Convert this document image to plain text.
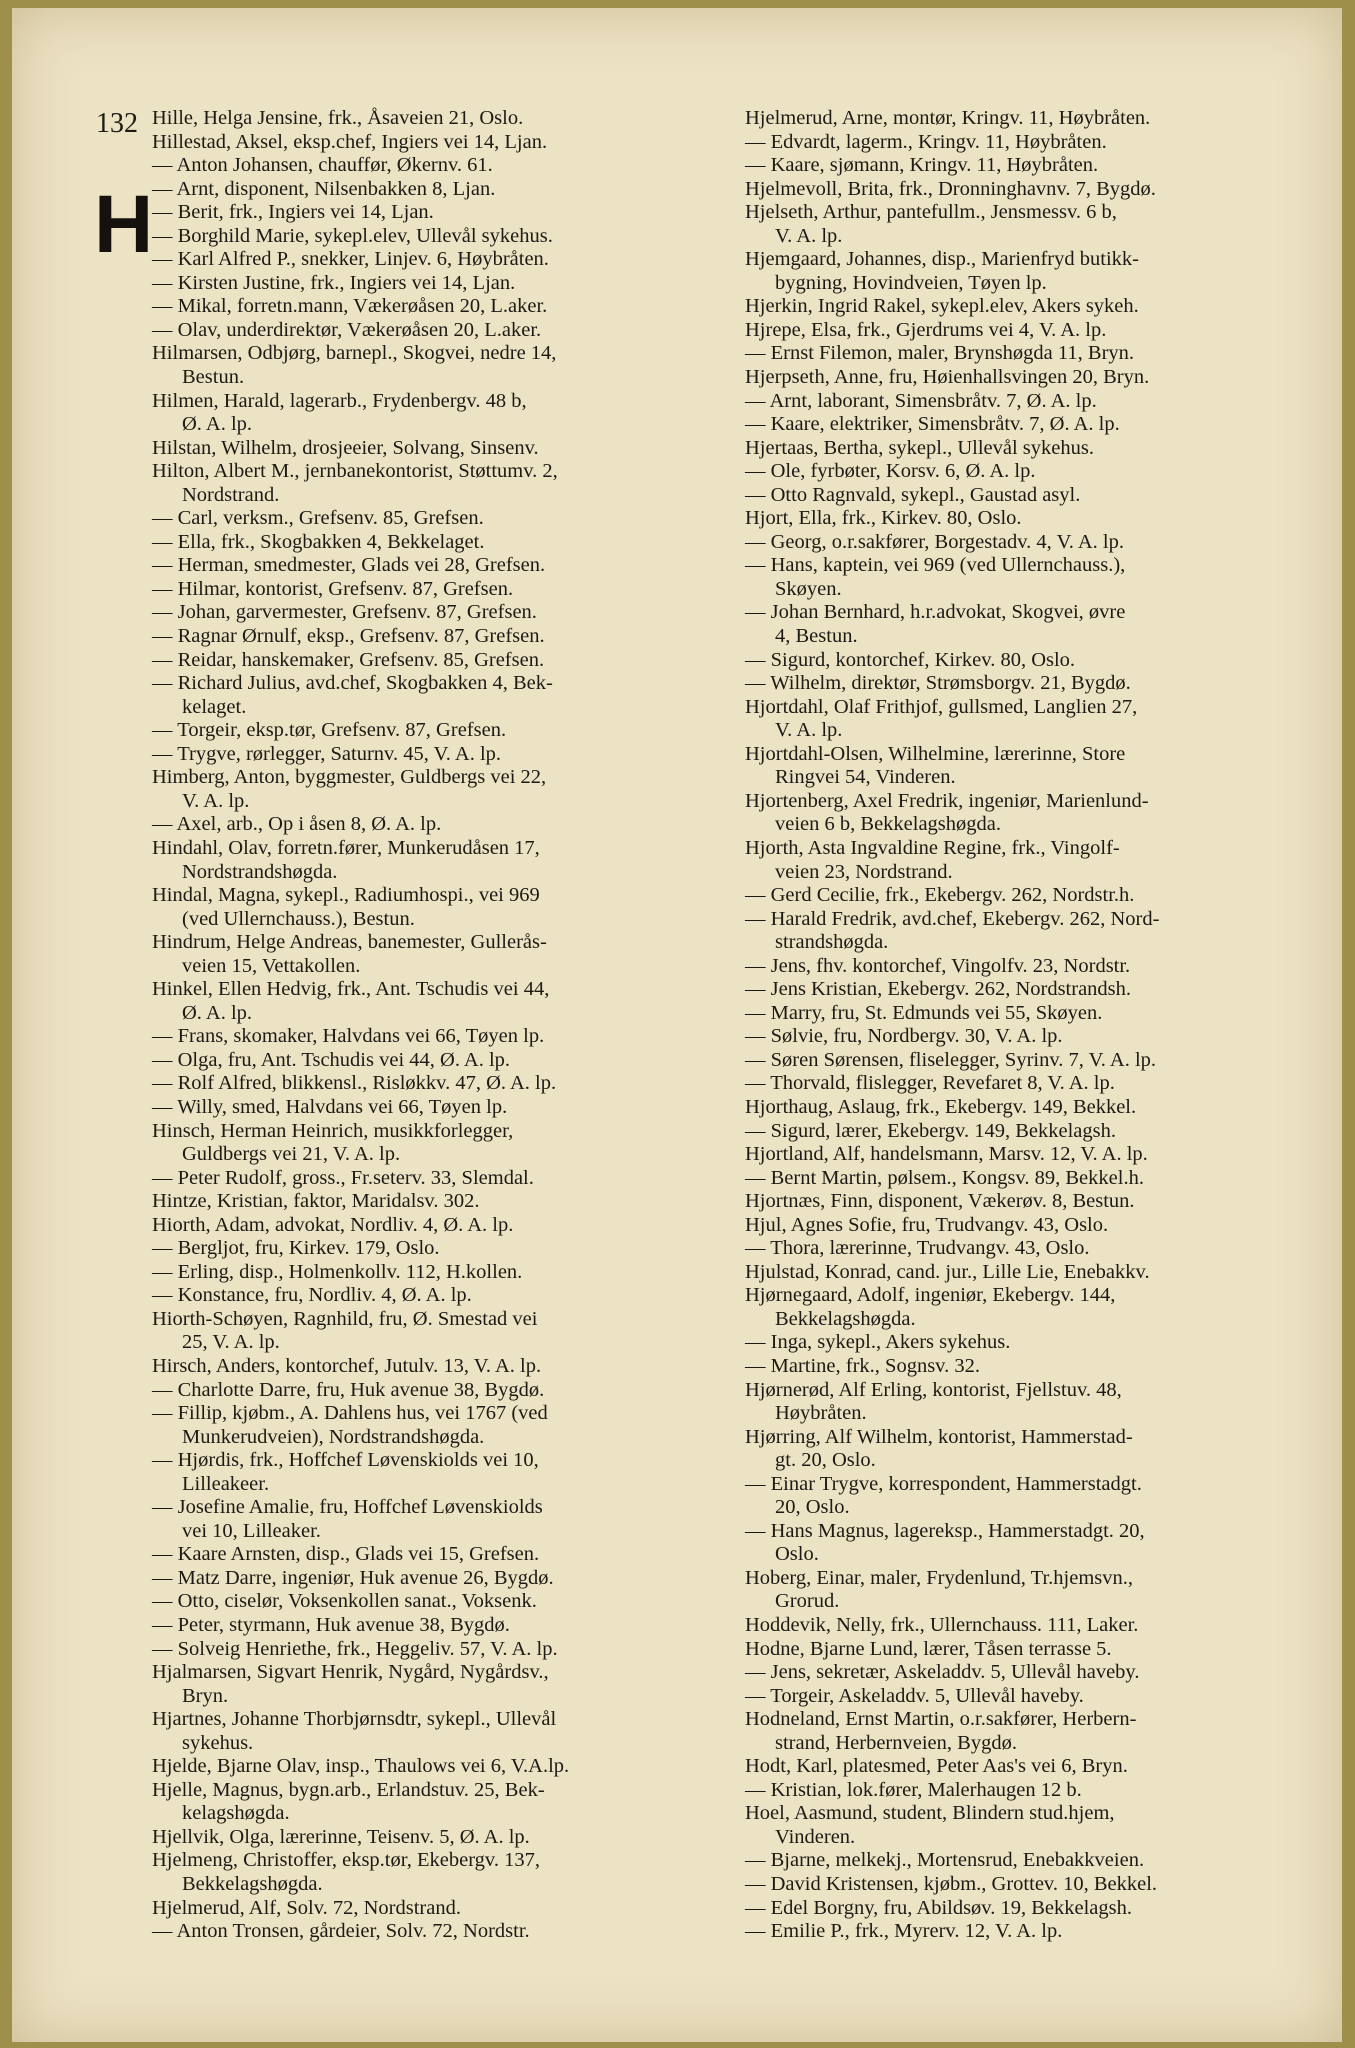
132
H
Hille, Helga Jensine, frk., Åsaveien 21, Oslo.
Hillestad, Aksel, eksp.chef, Ingiers vei 14, Ljan.
— Anton Johansen, chauffør, Økernv. 61.
— Arnt, disponent, Nilsenbakken 8, Ljan.
— Berit, frk., Ingiers vei 14, Ljan.
— Borghild Marie, sykepl.elev, Ullevål sykehus.
— Karl Alfred P., snekker, Linjev. 6, Høybråten.
— Kirsten Justine, frk., Ingiers vei 14, Ljan.
— Mikal, forretn.mann, Vækerøåsen 20, L.aker.
— Olav, underdirektør, Vækerøåsen 20, L.aker.
Hilmarsen, Odbjørg, barnepl., Skogvei, nedre 14,
Bestun.
Hilmen, Harald, lagerarb., Frydenbergv. 48 b,
Ø. A. lp.
Hilstan, Wilhelm, drosjeeier, Solvang, Sinsenv.
Hilton, Albert M., jernbanekontorist, Støttumv. 2,
Nordstrand.
— Carl, verksm., Grefsenv. 85, Grefsen.
— Ella, frk., Skogbakken 4, Bekkelaget.
— Herman, smedmester, Glads vei 28, Grefsen.
— Hilmar, kontorist, Grefsenv. 87, Grefsen.
— Johan, garvermester, Grefsenv. 87, Grefsen.
— Ragnar Ørnulf, eksp., Grefsenv. 87, Grefsen.
— Reidar, hanskemaker, Grefsenv. 85, Grefsen.
— Richard Julius, avd.chef, Skogbakken 4, Bek-
kelaget.
— Torgeir, eksp.tør, Grefsenv. 87, Grefsen.
— Trygve, rørlegger, Saturnv. 45, V. A. lp.
Himberg, Anton, byggmester, Guldbergs vei 22,
V. A. lp.
— Axel, arb., Op i åsen 8, Ø. A. lp.
Hindahl, Olav, forretn.fører, Munkerudåsen 17,
Nordstrandshøgda.
Hindal, Magna, sykepl., Radiumhospi., vei 969
(ved Ullernchauss.), Bestun.
Hindrum, Helge Andreas, banemester, Gullerås-
veien 15, Vettakollen.
Hinkel, Ellen Hedvig, frk., Ant. Tschudis vei 44,
Ø. A. lp.
— Frans, skomaker, Halvdans vei 66, Tøyen lp.
— Olga, fru, Ant. Tschudis vei 44, Ø. A. lp.
— Rolf Alfred, blikkensl., Risløkkv. 47, Ø. A. lp.
— Willy, smed, Halvdans vei 66, Tøyen lp.
Hinsch, Herman Heinrich, musikkforlegger,
Guldbergs vei 21, V. A. lp.
— Peter Rudolf, gross., Fr.seterv. 33, Slemdal.
Hintze, Kristian, faktor, Maridalsv. 302.
Hiorth, Adam, advokat, Nordliv. 4, Ø. A. lp.
— Bergljot, fru, Kirkev. 179, Oslo.
— Erling, disp., Holmenkollv. 112, H.kollen.
— Konstance, fru, Nordliv. 4, Ø. A. lp.
Hiorth-Schøyen, Ragnhild, fru, Ø. Smestad vei
25, V. A. lp.
Hirsch, Anders, kontorchef, Jutulv. 13, V. A. lp.
— Charlotte Darre, fru, Huk avenue 38, Bygdø.
— Fillip, kjøbm., A. Dahlens hus, vei 1767 (ved
Munkerudveien), Nordstrandshøgda.
— Hjørdis, frk., Hoffchef Løvenskiolds vei 10,
Lilleakeer.
— Josefine Amalie, fru, Hoffchef Løvenskiolds
vei 10, Lilleaker.
— Kaare Arnsten, disp., Glads vei 15, Grefsen.
— Matz Darre, ingeniør, Huk avenue 26, Bygdø.
— Otto, ciselør, Voksenkollen sanat., Voksenk.
— Peter, styrmann, Huk avenue 38, Bygdø.
— Solveig Henriethe, frk., Heggeliv. 57, V. A. lp.
Hjalmarsen, Sigvart Henrik, Nygård, Nygårdsv.,
Bryn.
Hjartnes, Johanne Thorbjørnsdtr, sykepl., Ullevål
sykehus.
Hjelde, Bjarne Olav, insp., Thaulows vei 6, V.A.lp.
Hjelle, Magnus, bygn.arb., Erlandstuv. 25, Bek-
kelagshøgda.
Hjellvik, Olga, lærerinne, Teisenv. 5, Ø. A. lp.
Hjelmeng, Christoffer, eksp.tør, Ekebergv. 137,
Bekkelagshøgda.
Hjelmerud, Alf, Solv. 72, Nordstrand.
— Anton Tronsen, gårdeier, Solv. 72, Nordstr.
Hjelmerud, Arne, montør, Kringv. 11, Høybråten.
— Edvardt, lagerm., Kringv. 11, Høybråten.
— Kaare, sjømann, Kringv. 11, Høybråten.
Hjelmevoll, Brita, frk., Dronninghavnv. 7, Bygdø.
Hjelseth, Arthur, pantefullm., Jensmessv. 6 b,
V. A. lp.
Hjemgaard, Johannes, disp., Marienfryd butikk-
bygning, Hovindveien, Tøyen lp.
Hjerkin, Ingrid Rakel, sykepl.elev, Akers sykeh.
Hjrepe, Elsa, frk., Gjerdrums vei 4, V. A. lp.
— Ernst Filemon, maler, Brynshøgda 11, Bryn.
Hjerpseth, Anne, fru, Høienhallsvingen 20, Bryn.
— Arnt, laborant, Simensbråtv. 7, Ø. A. lp.
— Kaare, elektriker, Simensbråtv. 7, Ø. A. lp.
Hjertaas, Bertha, sykepl., Ullevål sykehus.
— Ole, fyrbøter, Korsv. 6, Ø. A. lp.
— Otto Ragnvald, sykepl., Gaustad asyl.
Hjort, Ella, frk., Kirkev. 80, Oslo.
— Georg, o.r.sakfører, Borgestadv. 4, V. A. lp.
— Hans, kaptein, vei 969 (ved Ullernchauss.),
Skøyen.
— Johan Bernhard, h.r.advokat, Skogvei, øvre
4, Bestun.
— Sigurd, kontorchef, Kirkev. 80, Oslo.
— Wilhelm, direktør, Strømsborgv. 21, Bygdø.
Hjortdahl, Olaf Frithjof, gullsmed, Langlien 27,
V. A. lp.
Hjortdahl-Olsen, Wilhelmine, lærerinne, Store
Ringvei 54, Vinderen.
Hjortenberg, Axel Fredrik, ingeniør, Marienlund-
veien 6 b, Bekkelagshøgda.
Hjorth, Asta Ingvaldine Regine, frk., Vingolf-
veien 23, Nordstrand.
— Gerd Cecilie, frk., Ekebergv. 262, Nordstr.h.
— Harald Fredrik, avd.chef, Ekebergv. 262, Nord-
strandshøgda.
— Jens, fhv. kontorchef, Vingolfv. 23, Nordstr.
— Jens Kristian, Ekebergv. 262, Nordstrandsh.
— Marry, fru, St. Edmunds vei 55, Skøyen.
— Sølvie, fru, Nordbergv. 30, V. A. lp.
— Søren Sørensen, fliselegger, Syrinv. 7, V. A. lp.
— Thorvald, flislegger, Revefaret 8, V. A. lp.
Hjorthaug, Aslaug, frk., Ekebergv. 149, Bekkel.
— Sigurd, lærer, Ekebergv. 149, Bekkelagsh.
Hjortland, Alf, handelsmann, Marsv. 12, V. A. lp.
— Bernt Martin, pølsem., Kongsv. 89, Bekkel.h.
Hjortnæs, Finn, disponent, Vækerøv. 8, Bestun.
Hjul, Agnes Sofie, fru, Trudvangv. 43, Oslo.
— Thora, lærerinne, Trudvangv. 43, Oslo.
Hjulstad, Konrad, cand. jur., Lille Lie, Enebakkv.
Hjørnegaard, Adolf, ingeniør, Ekebergv. 144,
Bekkelagshøgda.
— Inga, sykepl., Akers sykehus.
— Martine, frk., Sognsv. 32.
Hjørnerød, Alf Erling, kontorist, Fjellstuv. 48,
Høybråten.
Hjørring, Alf Wilhelm, kontorist, Hammerstad-
gt. 20, Oslo.
— Einar Trygve, korrespondent, Hammerstadgt.
20, Oslo.
— Hans Magnus, lagereksp., Hammerstadgt. 20,
Oslo.
Hoberg, Einar, maler, Frydenlund, Tr.hjemsvn.,
Grorud.
Hoddevik, Nelly, frk., Ullernchauss. 111, Laker.
Hodne, Bjarne Lund, lærer, Tåsen terrasse 5.
— Jens, sekretær, Askeladdv. 5, Ullevål haveby.
— Torgeir, Askeladdv. 5, Ullevål haveby.
Hodneland, Ernst Martin, o.r.sakfører, Herbern-
strand, Herbernveien, Bygdø.
Hodt, Karl, platesmed, Peter Aas's vei 6, Bryn.
— Kristian, lok.fører, Malerhaugen 12 b.
Hoel, Aasmund, student, Blindern stud.hjem,
Vinderen.
— Bjarne, melkekj., Mortensrud, Enebakkveien.
— David Kristensen, kjøbm., Grottev. 10, Bekkel.
— Edel Borgny, fru, Abildsøv. 19, Bekkelagsh.
— Emilie P., frk., Myrerv. 12, V. A. lp.
